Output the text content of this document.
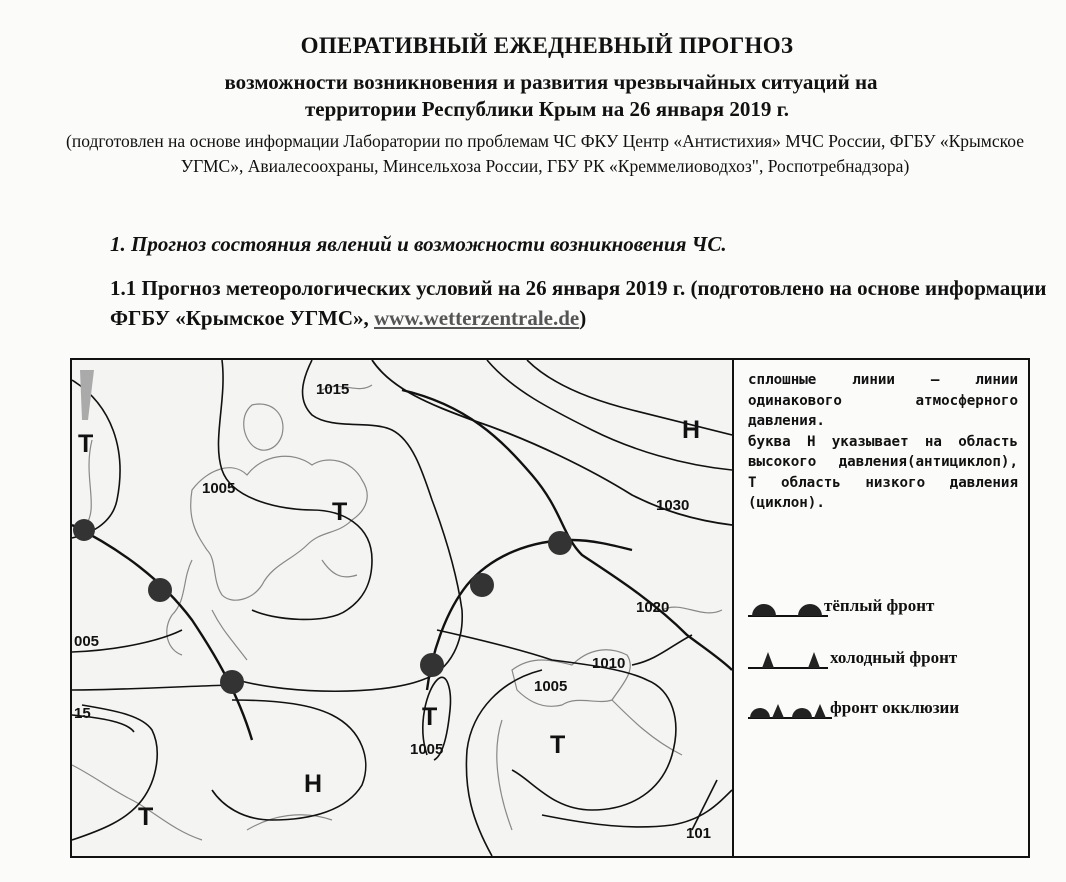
ОПЕРАТИВНЫЙ ЕЖЕДНЕВНЫЙ ПРОГНОЗ
возможности возникновения и развития чрезвычайных ситуаций на
территории Республики Крым на 26 января 2019 г.
(подготовлен на основе информации Лаборатории по проблемам ЧС ФКУ Центр «Антистихия» МЧС России, ФГБУ «Крымское УГМС», Авиалесоохраны, Минсельхоза России, ГБУ РК «Креммелиоводхоз", Роспотребнадзора)
1. Прогноз состояния явлений и возможности возникновения ЧС.
1.1 Прогноз метеорологических условий на 26 января 2019 г. (подготовлено на основе информации ФГБУ «Крымское УГМС», www.wetterzentrale.de)
1015
1005
1030
1020
005
1010
1005
1005
15
101
Т
Т
Н
Т
Т
Н
Т

сплошные линии – линии одинакового атмосферного давления.

буква Н указывает на область высокого давления(антициклоп), Т область низкого давления (циклон).

тёплый фронт
холодный фронт
фронт окклюзии
